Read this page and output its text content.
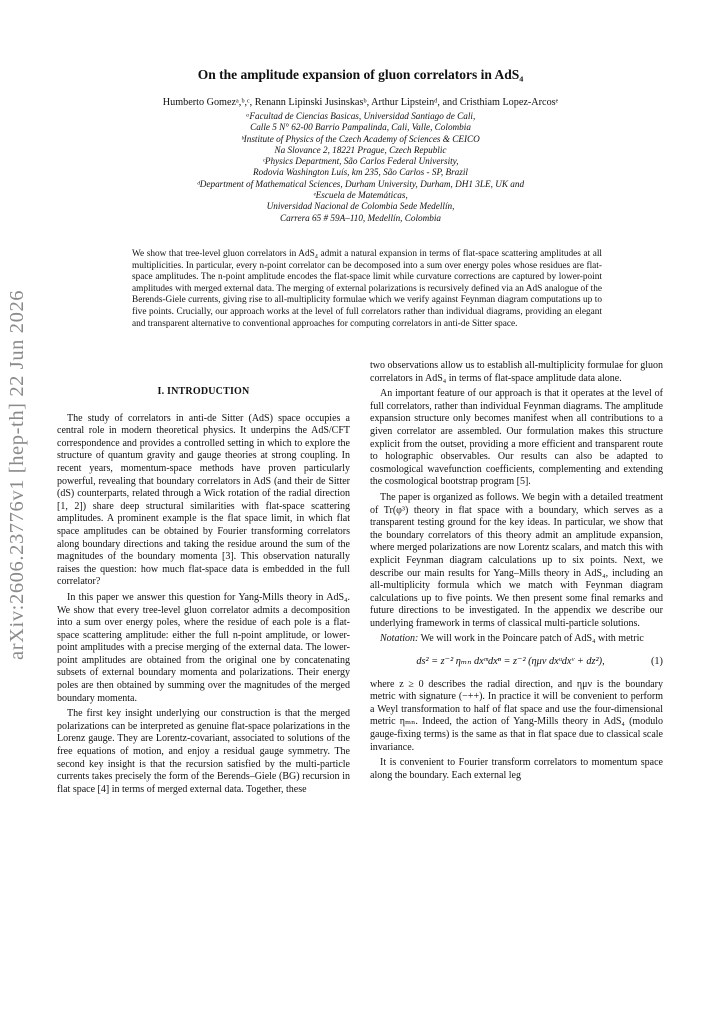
arXiv:2606.23776v1 [hep-th] 22 Jun 2026
On the amplitude expansion of gluon correlators in AdS₄
Humberto Gomezᵃ,ᵇ,ᶜ, Renann Lipinski Jusinskasᵇ, Arthur Lipsteinᵈ, and Cristhiam Lopez-Arcosᵉ
ᵃFacultad de Ciencias Basicas, Universidad Santiago de Cali,
Calle 5 N° 62-00 Barrio Pampalinda, Cali, Valle, Colombia
ᵇInstitute of Physics of the Czech Academy of Sciences & CEICO
Na Slovance 2, 18221 Prague, Czech Republic
ᶜPhysics Department, São Carlos Federal University,
Rodovia Washington Luís, km 235, São Carlos - SP, Brazil
ᵈDepartment of Mathematical Sciences, Durham University, Durham, DH1 3LE, UK and
ᵉEscuela de Matemáticas,
Universidad Nacional de Colombia Sede Medellín,
Carrera 65 # 59A–110, Medellín, Colombia
We show that tree-level gluon correlators in AdS₄ admit a natural expansion in terms of flat-space scattering amplitudes at all multiplicities. In particular, every n-point correlator can be decomposed into a sum over energy poles whose residues are flat-space amplitudes. The n-point amplitude encodes the flat-space limit while curvature corrections are captured by lower-point amplitudes with merged external data. The merging of external polarizations is recursively defined via an AdS analogue of the Berends-Giele currents, giving rise to all-multiplicity formulae which we verify against Feynman diagram computations up to five points. Crucially, our approach works at the level of full correlators rather than individual diagrams, providing an elegant and transparent alternative to conventional approaches for computing correlators in anti-de Sitter space.
I. INTRODUCTION

The study of correlators in anti-de Sitter (AdS) space occupies a central role in modern theoretical physics. It underpins the AdS/CFT correspondence and provides a controlled setting in which to explore the structure of quantum gravity and gauge theories at strong coupling. In recent years, momentum-space methods have proven particularly powerful, revealing that boundary correlators in AdS (and their de Sitter (dS) counterparts, related through a Wick rotation of the radial direction [1, 2]) share deep structural similarities with flat-space scattering amplitudes. A prominent example is the flat space limit, in which flat space amplitudes can be obtained by Fourier transforming correlators along boundary directions and taking the residue around the sum of the magnitudes of the boundary momenta [3]. This observation naturally raises the question: how much flat-space data is embedded in the full correlator?

In this paper we answer this question for Yang-Mills theory in AdS₄. We show that every tree-level gluon correlator admits a decomposition into a sum over energy poles, where the residue of each pole is a flat-space scattering amplitude: either the full n-point amplitude, or lower-point amplitudes with a precise merging of the external data. The lower-point amplitudes are obtained from the original one by concatenating subsets of external boundary momenta and polarizations. Their energy poles are then obtained by summing over the magnitudes of the merged boundary momenta.

The first key insight underlying our construction is that the merged polarizations can be interpreted as genuine flat-space polarizations in the Lorenz gauge. They are Lorentz-covariant, associated to solutions of the free equations of motion, and enjoy a residual gauge symmetry. The second key insight is that the recursion satisfied by the multi-particle currents takes precisely the form of the Berends–Giele (BG) recursion in flat space [4] in terms of merged external data. Together, these

two observations allow us to establish all-multiplicity formulae for gluon correlators in AdS₄ in terms of flat-space amplitude data alone.

An important feature of our approach is that it operates at the level of full correlators, rather than individual Feynman diagrams. The amplitude expansion structure only becomes manifest when all contributions to a given correlator are assembled. Our formulation makes this structure explicit from the outset, providing a more efficient and transparent route to holographic observables. Our results can also be adapted to cosmological wavefunction coefficients, complementing and extending the cosmological bootstrap program [5].

The paper is organized as follows. We begin with a detailed treatment of Tr(φ³) theory in flat space with a boundary, which serves as a transparent testing ground for the key ideas. In particular, we show that the boundary correlators of this theory admit an amplitude expansion, where merged polarizations are now Lorentz scalars, and match this with explicit Feynman diagram calculations up to six points. Next, we describe our main results for Yang–Mills theory in AdS₄, including an all-multiplicity formula which we match with Feynman diagram calculations up to five points. We then present some final remarks and future directions to be investigated. In the appendix we describe our underlying framework in terms of classical multi-particle solutions.

Notation: We will work in the Poincare patch of AdS₄ with metric

ds² = z⁻² ηₘₙ dxᵐdxⁿ = z⁻² (ημν dxᵘdxᵛ + dz²),	(1)

where z ≥ 0 describes the radial direction, and ημν is the boundary metric with signature (−++). In practice it will be convenient to perform a Weyl transformation to half of flat space and use the four-dimensional metric ηₘₙ. Indeed, the action of Yang-Mills theory in AdS₄ (modulo gauge-fixing terms) is the same as that in flat space due to classical scale invariance.

It is convenient to Fourier transform correlators to momentum space along the boundary. Each external leg
